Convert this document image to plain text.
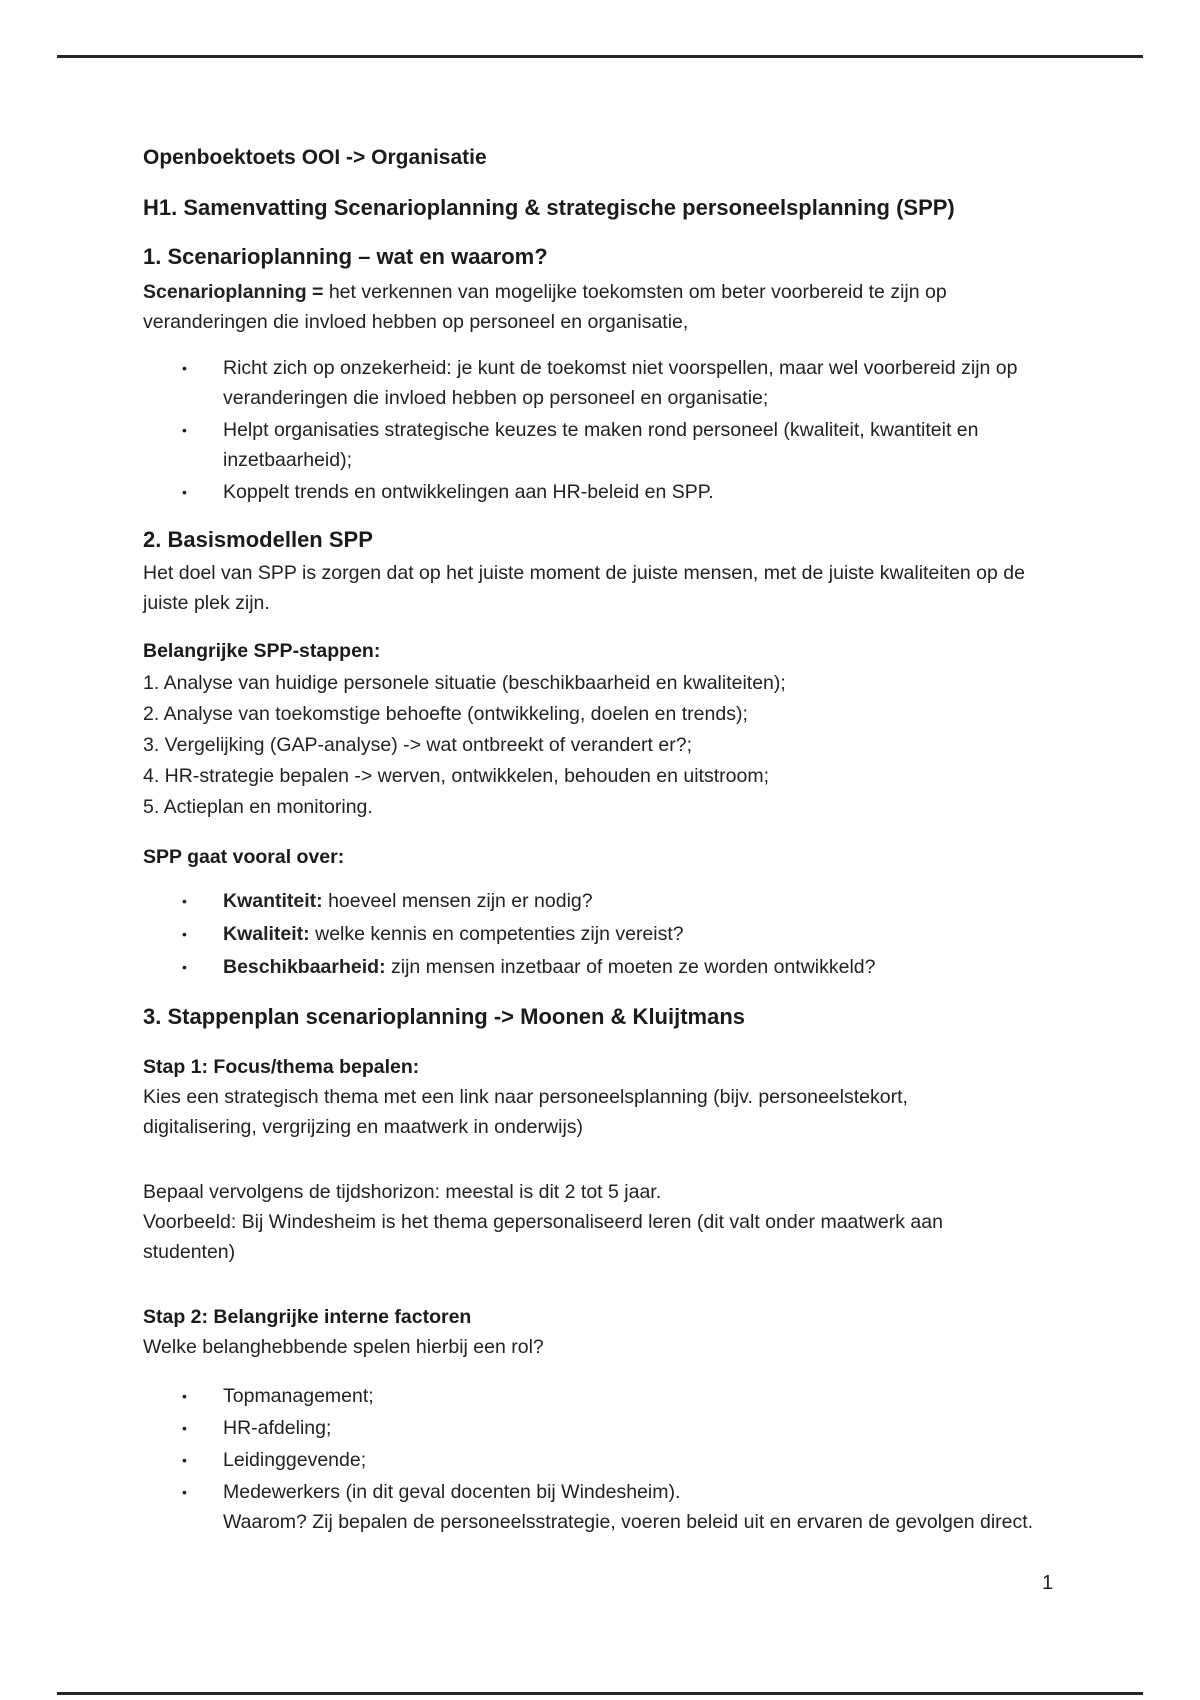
Openboektoets OOI -> Organisatie

H1. Samenvatting Scenarioplanning & strategische personeelsplanning (SPP)

1. Scenarioplanning – wat en waarom?

Scenarioplanning = het verkennen van mogelijke toekomsten om beter voorbereid te zijn op veranderingen die invloed hebben op personeel en organisatie,

• Richt zich op onzekerheid: je kunt de toekomst niet voorspellen, maar wel voorbereid zijn op veranderingen die invloed hebben op personeel en organisatie;
• Helpt organisaties strategische keuzes te maken rond personeel (kwaliteit, kwantiteit en inzetbaarheid);
• Koppelt trends en ontwikkelingen aan HR-beleid en SPP.

2. Basismodellen SPP

Het doel van SPP is zorgen dat op het juiste moment de juiste mensen, met de juiste kwaliteiten op de juiste plek zijn.

Belangrijke SPP-stappen:

1. Analyse van huidige personele situatie (beschikbaarheid en kwaliteiten);
2. Analyse van toekomstige behoefte (ontwikkeling, doelen en trends);
3. Vergelijking (GAP-analyse) -> wat ontbreekt of verandert er?;
4. HR-strategie bepalen -> werven, ontwikkelen, behouden en uitstroom;
5. Actieplan en monitoring.

SPP gaat vooral over:

• Kwantiteit: hoeveel mensen zijn er nodig?
• Kwaliteit: welke kennis en competenties zijn vereist?
• Beschikbaarheid: zijn mensen inzetbaar of moeten ze worden ontwikkeld?

3. Stappenplan scenarioplanning -> Moonen & Kluijtmans

Stap 1: Focus/thema bepalen:

Kies een strategisch thema met een link naar personeelsplanning (bijv. personeelstekort, digitalisering, vergrijzing en maatwerk in onderwijs)

Bepaal vervolgens de tijdshorizon: meestal is dit 2 tot 5 jaar.
Voorbeeld: Bij Windesheim is het thema gepersonaliseerd leren (dit valt onder maatwerk aan studenten)

Stap 2: Belangrijke interne factoren

Welke belanghebbende spelen hierbij een rol?

• Topmanagement;
• HR-afdeling;
• Leidinggevende;
• Medewerkers (in dit geval docenten bij Windesheim).
Waarom? Zij bepalen de personeelsstrategie, voeren beleid uit en ervaren de gevolgen direct.
1
